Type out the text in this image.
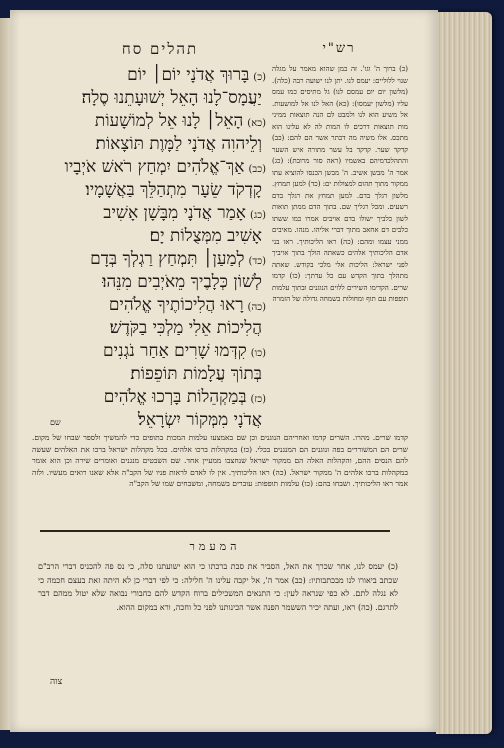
תהלים סח	רש"י
(כ)בָּרוּךְ אֲדֹנָי יוֹם׀ יוֹם
יַעֲמָס־לָנוּ הָאֵל יְשׁוּעָתֵנוּ סֶלָה׃
(כא)הָאֵל׀ לָנוּ אֵל לְמוֹשָׁעוֹת
וְלֵיהוִה אֲדֹנָי לַמָּוֶת תּוֹצָאוֹת׃
(כב)אַךְ־אֱלֹהִים יִמְחַץ רֹאשׁ אֹיְבָיו
קָדְקֹד שֵׂעָר מִתְהַלֵּךְ בַּאֲשָׁמָיו׃
(כג)אָמַר אֲדֹנָי מִבָּשָׁן אָשִׁיב
אָשִׁיב מִמְּצֻלוֹת יָם׃
(כד)לְמַעַן׀ תִּמְחַץ רַגְלְךָ בְּדָם
לְשׁוֹן כְּלָבֶיךָ מֵאֹיְבִים מִנֵּהוּ׃
(כה)רָאוּ הֲלִיכוֹתֶיךָ אֱלֹהִים
הֲלִיכוֹת אֵלִי מַלְכִּי בַקֹּדֶשׁ׃
(כו)קִדְּמוּ שָׁרִים אַחַר נֹגְנִים
בְּתוֹךְ עֲלָמוֹת תּוֹפֵפוֹת׃
(כז)בְּמַקְהֵלוֹת בָּרְכוּ אֱלֹהִים
אֲדֹנָי מִמְּקוֹר יִשְׂרָאֵל׃
(כ) ברוך ה' וגו'. זה כמן שהוא מאמר על מגלה שנוי ללוליים: יעמס לנו. יתן לנו ישועה רבה (כלה). (מלשון יום יום עמסם לנו) גל מתיסים כמו עמס עליו (מלשון יעמסו): (כא) האל לנו אל למושעות. אל משיע הוא לנו ולמבט לם הנה תוצאות ממיני מות תוצאות דרכים לו המות לה לא עלינו הוא מתכס. אלו משיה מה דכתר אשר הם להם: (כב) קדקד שער. קדקד בל עשר מתורה איש השער והתהלכדמיהם באשמיו (ראה סור מרובת): (כג) אמר ה' מבשן אשיב. ה' מבשן הכנסו להוציא עתו ממקור מתוך תהום למצולות ים: (כד) למען תמחץ. מלשון רגלך בדם. למען תמחץ את רגלך בדם רשעים. ומכל רגליך שם. בתוך הדם ממתן תואות לשון כלביך ישולו בדם אויבים אמרו כמו ששתו כלבים דם אחאב מתוך דברי אליהו. מנהו. מאיבים ממני עצמו ומהם: (כה) ראו הליכותיך. ראו בני אדם הליכותיך אלהים כשאתה הולך בתוך אויביך לפני ישראל: הליכות אלי מלכי בקודש. שאתה מתהלך בתוך הקדש עם כל עדתך: (כו) קדמו שרים. הקדימו השירים ללוים הנוגנים ובתוך עלמות תופפות עם תוף ומחולות בשמחה גדולה של הזמרה
שם
קדמו שרים. מהרו. השרים קדמו ואחריהם הנוגנים וכן שם באמצעו עלמות המכות בתופים כדי להמשיך ולספר שבחו של מקום. שרים הם המשוררים בפה ונוגנים הם המנגנים בכלי. (כז) במקהלות ברכו אלהים. בכל מקהלות ישראל ברכו את האלהים שעשה להם הנסים ההם, והקהלות האלה הם ממקור ישראל שנחצבו ממעיין אחד. שם השבטים מנגנים ואומרים שירה וכן הוא אומר במקהלות ברכו אלהים ה' ממקור ישראל. (כה) ראו הליכותיך. אין לו לאדם לראות פניו של הקב"ה אלא שאנו רואים מעשיו. ולזה אמר ראו הליכותיך. ושבחו בהם: (כו) עלמות תופפות: עוברים בשמחה, ומשבחים שמו של הקב"ה
המעמר
(כ) יעמס לנו, אחר שכרך את האל, הסביר את סבת ברכתו כי הוא ישועתנו סלה, כי נס פה להכניס דברי הרב"ם שכתב ביאורו לנו מבכתבותיו: (כב) אמר ה', אל יקבה עלינו ה' חלילה: כי לפי דברי כן לא היתה זאת בעצם חכמה כי לא נגלה לתם. לא כפי שנראה לעין: כי התנאים המשכילים ברוח הקדש להם כחבורי נבואה שלא יטול ממהם דבר לתרגם. (כה) ראו, ועתה יכיר הששמר הפנה אשר הכינותנו לפני כל וחכה, ורא במקום ההוא.
צוה
